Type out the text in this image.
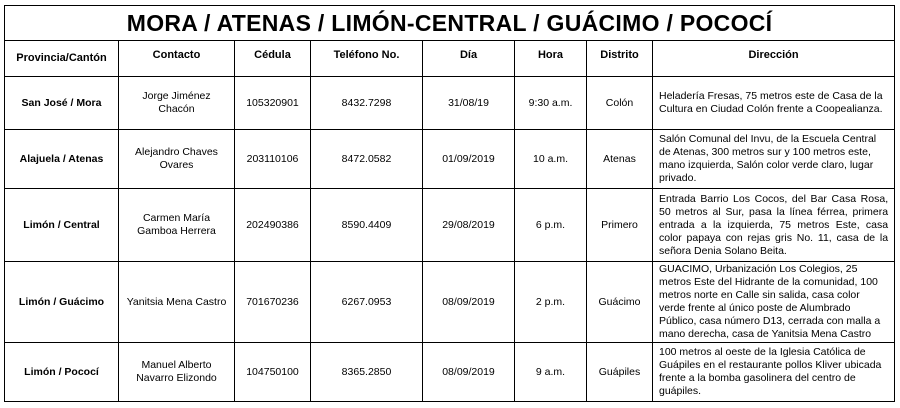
MORA / ATENAS / LIMÓN-CENTRAL / GUÁCIMO / POCOCÍ							
Provincia/Cantón	Contacto	Cédula	Teléfono No.	Día	Hora	Distrito	Dirección
San José / Mora	Jorge Jiménez Chacón	105320901	8432.7298	31/08/19	9:30 a.m.	Colón	Heladería Fresas, 75 metros este de Casa de la Cultura en Ciudad Colón frente a Coopealianza.
Alajuela / Atenas	Alejandro Chaves Ovares	203110106	8472.0582	01/09/2019	10 a.m.	Atenas	Salón Comunal del Invu, de la Escuela Central de Atenas, 300 metros sur y 100 metros este, mano izquierda, Salón color verde claro, lugar privado.
Limón / Central	Carmen María Gamboa Herrera	202490386	8590.4409	29/08/2019	6 p.m.	Primero	Entrada Barrio Los Cocos, del Bar Casa Rosa, 50 metros al Sur, pasa la línea férrea, primera entrada a la izquierda, 75 metros Este, casa color papaya con rejas gris No. 11, casa de la señora Denia Solano Beita.
Limón / Guácimo	Yanitsia Mena Castro	701670236	6267.0953	08/09/2019	2 p.m.	Guácimo	GUACIMO, Urbanización Los Colegios, 25 metros Este del Hidrante de la comunidad, 100 metros norte en Calle sin salida, casa color verde frente al único poste de Alumbrado Público, casa número D13, cerrada con malla a mano derecha, casa de Yanitsia Mena Castro
Limón / Pococí	Manuel Alberto Navarro Elizondo	104750100	8365.2850	08/09/2019	9 a.m.	Guápiles	100 metros al oeste de la Iglesia Católica de Guápiles en el restaurante pollos Kliver ubicada frente a la bomba gasolinera del centro de guápiles.
